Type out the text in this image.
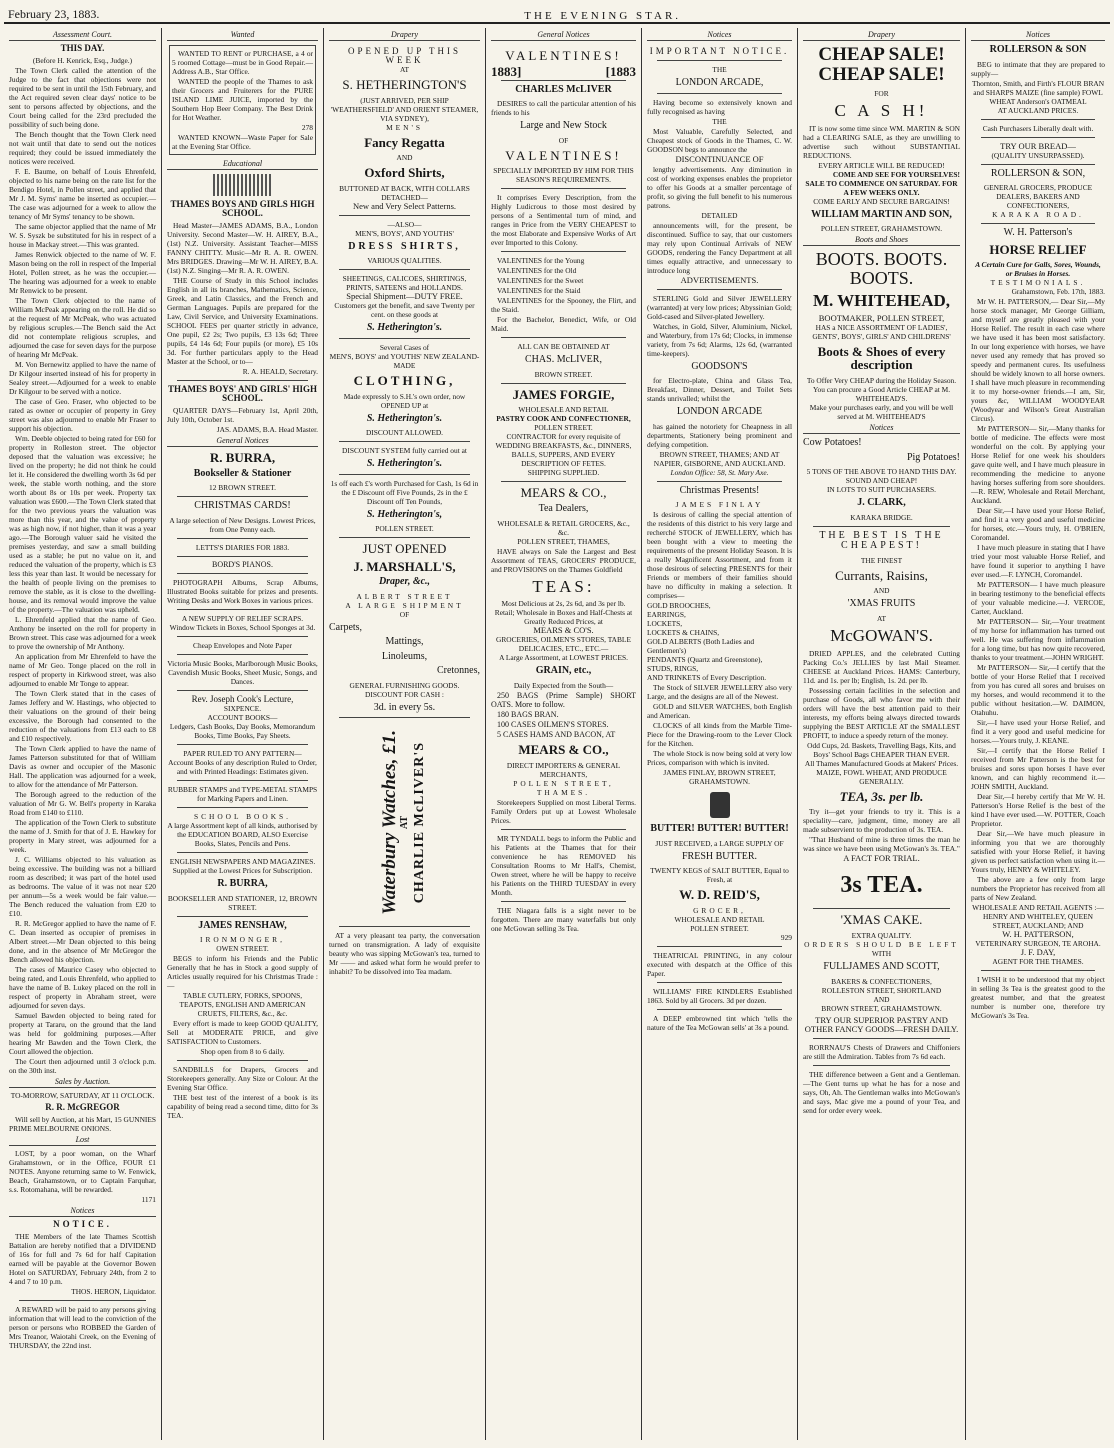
February 23, 1883.	THE EVENING STAR.
Assessment Court.
THIS DAY.
(Before H. Kenrick, Esq., Judge.)
The Town Clerk called the attention of the Judge to the fact that objections were not required to be sent in until the 15th February, and the Act required seven clear days' notice to be sent to persons affected by objections, and the Court being called for the 23rd precluded the possibility of such being done.
The Bench thought that the Town Clerk need not wait until that date to send out the notices required; they could be issued immediately the notices were received.
F. E. Baume, on behalf of Louis Ehrenfeld, objected to his name being on the rate list for the Bendigo Hotel, in Pollen street, and applied that Mr J. M. Syms' name be inserted as occupier.—The case was adjourned for a week to allow the tenancy of Mr Syms' tenancy to be shown.
The same objector applied that the name of Mr W. S. Syszk be substituted for his in respect of a house in Mackay street.—This was granted.
James Renwick objected to the name of W. F. Mason being on the roll in respect of the Imperial Hotel, Pollen street, as he was the occupier.—The hearing was adjourned for a week to enable Mr Renwick to be present.
The Town Clerk objected to the name of William McPeak appearing on the roll. He did so at the request of Mr McPeak, who was actuated by religious scruples.—The Bench said the Act did not contemplate religious scruples, and adjourned the case for seven days for the purpose of hearing Mr McPeak.
M. Von Bernewitz applied to have the name of Dr Kilgour inserted instead of his for property in Sealey street.—Adjourned for a week to enable Dr Kilgour to be served with a notice.
The case of Geo. Fraser, who objected to be rated as owner or occupier of property in Grey street was also adjourned to enable Mr Fraser to support his objection.
Wm. Deeble objected to being rated for £60 for property in Rolleston street. The objector deposed that the valuation was excessive; he lived on the property; he did not think he could let it. He considered the dwelling worth 3s 6d per week, the stable worth nothing, and the store worth about 8s or 10s per week. Property tax valuation was £600.—The Town Clerk stated that for the two previous years the valuation was more than this year, and the value of property was as high now, if not higher, than it was a year ago.—The Borough valuer said he visited the premises yesterday, and saw a small building used as a stable; he put no value on it, and reduced the valuation of the property, which is £3 less this year than last. It would be necessary for the health of people living on the premises to remove the stable, as it is close to the dwelling-house, and its removal would improve the value of the property.—The valuation was upheld.
L. Ehrenfeld applied that the name of Geo. Anthony be inserted on the roll for property in Brown street. This case was adjourned for a week to prove the ownership of Mr Anthony.
An application from Mr Ehrenfeld to have the name of Mr Geo. Tonge placed on the roll in respect of property in Kirkwood street, was also adjourned to enable Mr Tonge to appear.
The Town Clerk stated that in the cases of James Jeffery and W. Hastings, who objected to their valuations on the ground of their being excessive, the Borough had consented to the reduction of the valuations from £13 each to £8 and £10 respectively.
The Town Clerk applied to have the name of James Patterson substituted for that of William Davis as owner and occupier of the Masonic Hall. The application was adjourned for a week, to allow for the attendance of Mr Patterson.
The Borough agreed to the reduction of the valuation of Mr G. W. Bell's property in Karaka Road from £140 to £110.
The application of the Town Clerk to substitute the name of J. Smith for that of J. E. Hawkey for property in Mary street, was adjourned for a week.
J. C. Williams objected to his valuation as being excessive. The building was not a billiard room as described; it was part of the hotel used as bedrooms. The value of it was not near £20 per annum—5s a week would be fair value.—The Bench reduced the valuation from £20 to £10.
R. R. McGregor applied to have the name of F. C. Dean inserted as occupier of premises in Albert street.—Mr Dean objected to this being done, and in the absence of Mr McGregor the Bench allowed his objection.
The cases of Maurice Casey who objected to being rated, and Louis Ehrenfeld, who applied to have the name of B. Lukey placed on the roll in respect of property in Abraham street, were adjourned for seven days.
Samuel Bawden objected to being rated for property at Tararu, on the ground that the land was held for goldmining purposes.—After hearing Mr Bawden and the Town Clerk, the Court allowed the objection.
The Court then adjourned until 3 o'clock p.m. on the 30th inst.
Sales by Auction.
TO-MORROW, SATURDAY, AT 11 O'CLOCK.
R. R. McGREGOR
Will sell by Auction, at his Mart, 15 GUNNIES PRIME MELBOURNE ONIONS.
Lost
LOST, by a poor woman, on the Wharf Grahamstown, or in the Office, FOUR £1 NOTES. Anyone returning same to W. Fenwick, Beach, Grahamstown, or to Captain Farquhar, s.s. Rotomahana, will be rewarded.
1171
Notices
NOTICE.
THE Members of the late Thames Scottish Battalion are hereby notified that a DIVIDEND of 16s for full and 7s 6d for half Capitation earned will be payable at the Governor Bowen Hotel on SATURDAY, February 24th, from 2 to 4 and 7 to 10 p.m.
THOS. HERON, Liquidator.
A REWARD will be paid to any persons giving information that will lead to the conviction of the person or persons who ROBBED the Garden of Mrs Treanor, Waiotahi Creek, on the Evening of THURSDAY, the 22nd inst.
Wanted
WANTED TO RENT or PURCHASE, a 4 or 5 roomed Cottage—must be in Good Repair.—Address A.B., Star Office.
WANTED the people of the Thames to ask their Grocers and Fruiterers for the PURE ISLAND LIME JUICE, imported by the Southern Hop Beer Company. The Best Drink for Hot Weather.
278
WANTED KNOWN—Waste Paper for Sale at the Evening Star Office.
Educational
THAMES BOYS AND GIRLS HIGH SCHOOL.
Head Master—JAMES ADAMS, B.A., London University. Second Master—W. H. AIREY, B.A., (1st) N.Z. University. Assistant Teacher—MISS FANNY CHITTY. Music—Mr R. A. R. OWEN. Mrs BRIDGES. Drawing—Mr W. H. AIREY, B.A. (1st) N.Z. Singing—Mr R. A. R. OWEN.
THE Course of Study in this School includes English in all its branches, Mathematics, Science, Greek, and Latin Classics, and the French and German Languages. Pupils are prepared for the Law, Civil Service, and University Examinations. SCHOOL FEES per quarter strictly in advance, One pupil, £2 2s; Two pupils, £3 13s 6d; Three pupils, £4 14s 6d; Four pupils (or more), £5 10s 3d. For further particulars apply to the Head Master at the School, or to—
R. A. HEALD, Secretary.
THAMES BOYS' AND GIRLS' HIGH SCHOOL.
QUARTER DAYS—February 1st, April 20th, July 10th, October 1st.
JAS. ADAMS, B.A. Head Master.
General Notices
R. BURRA,
Bookseller & Stationer
12 BROWN STREET.
CHRISTMAS CARDS!
A large selection of New Designs. Lowest Prices, from One Penny each.
LETTS'S DIARIES FOR 1883.
BORD'S PIANOS.
PHOTOGRAPH Albums, Scrap Albums, Illustrated Books suitable for prizes and presents. Writing Desks and Work Boxes in various prices.
A NEW SUPPLY OF RELIEF SCRAPS.
Window Tickets in Boxes, School Sponges at 3d.
Cheap Envelopes and Note Paper
Victoria Music Books, Marlborough Music Books, Cavendish Music Books, Sheet Music, Songs, and Dances.
Rev. Joseph Cook's Lecture,
SIXPENCE.
ACCOUNT BOOKS—
Ledgers, Cash Books, Day Books, Memorandum Books, Time Books, Pay Sheets.
PAPER RULED TO ANY PATTERN—
Account Books of any description Ruled to Order, and with Printed Headings: Estimates given.
RUBBER STAMPS and TYPE-METAL STAMPS for Marking Papers and Linen.
SCHOOL BOOKS.
A large Assortment kept of all kinds, authorised by the EDUCATION BOARD, ALSO Exercise Books, Slates, Pencils and Pens.
ENGLISH NEWSPAPERS AND MAGAZINES.
Supplied at the Lowest Prices for Subscription.
R. BURRA,
BOOKSELLER AND STATIONER, 12, BROWN STREET.
JAMES RENSHAW,
IRONMONGER,
OWEN STREET.
BEGS to inform his Friends and the Public Generally that he has in Stock a good supply of Articles usually required for his Christmas Trade :—
TABLE CUTLERY, FORKS, SPOONS, TEAPOTS, ENGLISH AND AMERICAN CRUETS, FILTERS, &c., &c.
Every effort is made to keep GOOD QUALITY, Sell at MODERATE PRICE, and give SATISFACTION to Customers.
Shop open from 8 to 6 daily.
SANDBILLS for Drapers, Grocers and Storekeepers generally. Any Size or Colour. At the Evening Star Office.
THE best test of the interest of a book is its capability of being read a second time, ditto for 3s TEA.
Drapery
OPENED UP THIS WEEK
AT
S. HETHERINGTON'S
(JUST ARRIVED, PER SHIP 'WEATHERSFIELD' AND ORIENT STEAMER, VIA SYDNEY),
MEN'S
Fancy Regatta
AND
Oxford Shirts,
BUTTONED AT BACK, WITH COLLARS DETACHED—
New and Very Select Patterns.
—ALSO—
MEN'S, BOYS', AND YOUTHS'
DRESS SHIRTS,
VARIOUS QUALITIES.
SHEETINGS, CALICOES, SHIRTINGS, PRINTS, SATEENS and HOLLANDS.
Special Shipment—DUTY FREE.
Customers get the benefit, and save Twenty per cent. on these goods at
S. Hetherington's.
Several Cases of
MEN'S, BOYS' and YOUTHS' NEW ZEALAND-MADE
CLOTHING,
Made expressly to S.H.'s own order, now OPENED UP at
S. Hetherington's.
DISCOUNT ALLOWED.
DISCOUNT SYSTEM fully carried out at
S. Hetherington's.
1s off each £'s worth Purchased for Cash, 1s 6d in the £ Discount off Five Pounds, 2s in the £ Discount off Ten Pounds,
S. Hetherington's,
POLLEN STREET.
JUST OPENED
J. MARSHALL'S,
Draper, &c.,
ALBERT STREET
A LARGE SHIPMENT
OF
Carpets,
Mattings,
Linoleums,
Cretonnes,
GENERAL FURNISHING GOODS.
DISCOUNT FOR CASH :
3d. in every 5s.
Waterbury Watches, £1. AT CHARLIE McLIVER'S
AT a very pleasant tea party, the conversation turned on transmigration. A lady of exquisite beauty who was sipping McGowan's tea, turned to Mr —— and asked what form he would prefer to inhabit? To be dissolved into Tea madam.
General Notices
VALENTINES!
1883]	[1883
CHARLES McLIVER
DESIRES to call the particular attention of his friends to his
Large and New Stock
OF
VALENTINES!
SPECIALLY IMPORTED BY HIM FOR THIS SEASON'S REQUIREMENTS.
It comprises Every Description, from the Highly Ludicrous to those most desired by persons of a Sentimental turn of mind, and ranges in Price from the VERY CHEAPEST to the most Elaborate and Expensive Works of Art ever Imported to this Colony.
VALENTINES for the Young
VALENTINES for the Old
VALENTINES for the Sweet
VALENTINES for the Staid
VALENTINES for the Spooney, the Flirt, and the Staid.
For the Bachelor, Benedict, Wife, or Old Maid.
ALL CAN BE OBTAINED AT
CHAS. McLIVER,
BROWN STREET.
JAMES FORGIE,
WHOLESALE AND RETAIL
PASTRY COOK AND CONFECTIONER,
POLLEN STREET.
CONTRACTOR for every requisite of WEDDING BREAKFASTS, &c., DINNERS, BALLS, SUPPERS, AND EVERY DESCRIPTION OF FETES.
SHIPPING SUPPLIED.
MEARS & CO.,
Tea Dealers,
WHOLESALE & RETAIL GROCERS, &c., &c.
POLLEN STREET, THAMES,
HAVE always on Sale the Largest and Best Assortment of TEAS, GROCERS' PRODUCE, and PROVISIONS on the Thames Goldfield
TEAS:
Most Delicious at 2s, 2s 6d, and 3s per lb. Retail; Wholesale in Boxes and Half-Chests at Greatly Reduced Prices, at
MEARS & CO'S.
GROCERIES, OILMEN'S STORES, TABLE DELICACIES, ETC., ETC.—
A Large Assortment, at LOWEST PRICES.
GRAIN, etc.,
Daily Expected from the South—
250 BAGS (Prime Sample) SHORT OATS. More to follow.
180 BAGS BRAN.
100 CASES OILMEN'S STORES.
5 CASES HAMS AND BACON, AT
MEARS & CO.,
DIRECT IMPORTERS & GENERAL MERCHANTS,
POLLEN STREET, THAMES.
Storekeepers Supplied on most Liberal Terms. Family Orders put up at Lowest Wholesale Prices.
MR TYNDALL begs to inform the Public and his Patients at the Thames that for their convenience he has REMOVED his Consultation Rooms to Mr Hall's, Chemist, Owen street, where he will be happy to receive his Patients on the THIRD TUESDAY in every Month.
THE Niagara falls is a sight never to be forgotten. There are many waterfalls but only one McGowan selling 3s Tea.
Notices
IMPORTANT NOTICE.
THE
LONDON ARCADE,
Having become so extensively known and fully recognised as having
THE
Most Valuable, Carefully Selected, and Cheapest stock of Goods in the Thames, C. W. GOODSON begs to announce the
DISCONTINUANCE OF
lengthy advertisements. Any diminution in cost of working expenses enables the proprietor to offer his Goods at a smaller percentage of profit, so giving the full benefit to his numerous patrons.
DETAILED
announcements will, for the present, be discontinued. Suffice to say, that our customers may rely upon Continual Arrivals of NEW GOODS, rendering the Fancy Department at all times equally attractive, and unnecessary to introduce long
ADVERTISEMENTS.
STERLING Gold and Silver JEWELLERY (warranted) at very low prices; Abyssinian Gold; Gold-cased and Silver-plated Jewellery.
Watches, in Gold, Silver, Aluminium, Nickel, and Waterbury, from 17s 6d; Clocks, in immense variety, from 7s 6d; Alarms, 12s 6d, (warranted time-keepers).
GOODSON'S
for Electro-plate, China and Glass Tea, Breakfast, Dinner, Dessert, and Toilet Sets stands unrivalled; whilst the
LONDON ARCADE
has gained the notoriety for Cheapness in all departments, Stationery being prominent and defying competition.
BROWN STREET, THAMES; AND AT NAPIER, GISBORNE, AND AUCKLAND.
London Office: 58, St. Mary Axe.
Christmas Presents!
JAMES FINLAY
Is desirous of calling the special attention of the residents of this district to his very large and recherché STOCK of JEWELLERY, which has been bought with a view to meeting the requirements of the present Holiday Season. It is a really Magnificent Assortment, and from it those desirous of selecting PRESENTS for their Friends or members of their families should have no difficulty in making a selection. It comprises—
GOLD BROOCHES,
EARRINGS,
LOCKETS,
LOCKETS & CHAINS,
GOLD ALBERTS (Both Ladies and Gentlemen's)
PENDANTS (Quartz and Greenstone),
STUDS, RINGS,
AND TRINKETS of Every Description.
The Stock of SILVER JEWELLERY also very Large, and the designs are all of the Newest.
GOLD and SILVER WATCHES, both English and American.
CLOCKS of all kinds from the Marble Time-Piece for the Drawing-room to the Lever Clock for the Kitchen.
The whole Stock is now being sold at very low Prices, comparison with which is invited.
JAMES FINLAY, BROWN STREET, GRAHAMSTOWN.
BUTTER! BUTTER! BUTTER!
JUST RECEIVED, a LARGE SUPPLY OF
FRESH BUTTER.
TWENTY KEGS of SALT BUTTER, Equal to Fresh, at
W. D. REID'S,
GROCER,
WHOLESALE AND RETAIL
POLLEN STREET.
929
THEATRICAL PRINTING, in any colour executed with despatch at the Office of this Paper.
WILLIAMS' FIRE KINDLERS Established 1863. Sold by all Grocers. 3d per dozen.
A DEEP embrowned tint which 'tells the nature of the Tea McGowan sells' at 3s a pound.
Drapery
CHEAP SALE! CHEAP SALE!
FOR
C A S H!
IT is now some time since WM. MARTIN & SON had a CLEARING SALE, as they are unwilling to advertise such without SUBSTANTIAL REDUCTIONS.
EVERY ARTICLE WILL BE REDUCED!
COME AND SEE FOR YOURSELVES!
SALE TO COMMENCE ON SATURDAY. FOR A FEW WEEKS ONLY.
COME EARLY AND SECURE BARGAINS!
WILLIAM MARTIN AND SON,
POLLEN STREET, GRAHAMSTOWN.
Boots and Shoes
BOOTS. BOOTS. BOOTS.
M. WHITEHEAD,
BOOTMAKER, POLLEN STREET,
HAS a NICE ASSORTMENT OF LADIES', GENTS', BOYS', GIRLS' AND CHILDRENS'
Boots & Shoes of every description
To Offer Very CHEAP during the Holiday Season.
You can procure a Good Article CHEAP at M. WHITEHEAD'S.
Make your purchases early, and you will be well served at M. WHITEHEAD'S
Notices
Cow Potatoes!
Pig Potatoes!
5 TONS OF THE ABOVE TO HAND THIS DAY.
SOUND AND CHEAP!
IN LOTS TO SUIT PURCHASERS.
J. CLARK,
KARAKA BRIDGE.
THE BEST IS THE CHEAPEST!
THE FINEST
Currants, Raisins,
AND
'XMAS FRUITS
AT
McGOWAN'S.
DRIED APPLES, and the celebrated Cutting Packing Co.'s JELLIES by last Mail Steamer. CHEESE at Auckland Prices. HAMS: Canterbury, 11d. and 1s. per lb; English, 1s. 2d. per lb.
Possessing certain facilities in the selection and purchase of Goods, all who favor me with their orders will have the best attention paid to their interests, my efforts being always directed towards supplying the BEST ARTICLE AT the SMALLEST PROFIT, to induce a speedy return of the money.
Odd Cups, 2d. Baskets, Travelling Bags, Kits, and Boys' School Bags CHEAPER THAN EVER.
All Thames Manufactured Goods at Makers' Prices.
MAIZE, FOWL WHEAT, AND PRODUCE GENERALLY.
TEA, 3s. per lb.
Try it—get your friends to try it. This is a speciality—care, judgment, time, money are all made subservient to the production of 3s. TEA.
"That Husband of mine is three times the man he was since we have been using McGowan's 3s. TEA."
A FACT FOR TRIAL.
3s TEA.
'XMAS CAKE.
EXTRA QUALITY.
ORDERS SHOULD BE LEFT
WITH
FULLJAMES AND SCOTT,
BAKERS & CONFECTIONERS,
ROLLESTON STREET, SHORTLAND
AND
BROWN STREET, GRAHAMSTOWN.
TRY OUR SUPERIOR PASTRY AND OTHER FANCY GOODS—FRESH DAILY.
RORRNAU'S Chests of Drawers and Chiffoniers are still the Admiration. Tables from 7s 6d each.
THE difference between a Gent and a Gentleman.—The Gent turns up what he has for a nose and says, Oh, Ah. The Gentleman walks into McGowan's and says, Mac give me a pound of your Tea, and send for order every week.
Notices
ROLLERSON & SON
BEG to intimate that they are prepared to supply—
Thornton, Smith, and Firth's FLOUR BRAN and SHARPS MAIZE (fine sample) FOWL WHEAT Anderson's OATMEAL
AT AUCKLAND PRICES.
Cash Purchasers Liberally dealt with.
TRY OUR BREAD—
(QUALITY UNSURPASSED).
ROLLERSON & SON,
GENERAL GROCERS, PRODUCE DEALERS, BAKERS AND CONFECTIONERS,
KARAKA ROAD.
W. H. Patterson's
HORSE RELIEF
A Certain Cure for Galls, Sores, Wounds, or Bruises in Horses.
TESTIMONIALS.
Grahamstown, Feb. 17th, 1883.
Mr W. H. PATTERSON,— Dear Sir,—My horse stock manager, Mr George Gilliam, and myself are greatly pleased with your Horse Relief. The result in each case where we have used it has been most satisfactory. In our long experience with horses, we have never used any remedy that has proved so speedy and permanent cures. Its usefulness should be widely known to all horse owners. I shall have much pleasure in recommending it to my horse-owner friends.—I am, Sir, yours &c, WILLIAM WOODYEAR (Woodyear and Wilson's Great Australian Circus).
Mr PATTERSON— Sir,—Many thanks for bottle of medicine. The effects were most wonderful on the colt. By applying your Horse Relief for one week his shoulders gave quite well, and I have much pleasure in recommending the medicine to anyone having horses suffering from sore shoulders.—R. REW, Wholesale and Retail Merchant, Auckland.
Dear Sir,—I have used your Horse Relief, and find it a very good and useful medicine for horses, etc.—Yours truly, H. O'BRIEN, Coromandel.
I have much pleasure in stating that I have tried your most valuable Horse Relief, and have found it superior to anything I have ever used.—F. LYNCH, Coromandel.
Mr PATTERSON— I have much pleasure in bearing testimony to the beneficial effects of your valuable medicine.—J. VERCOE, Carter, Auckland.
Mr PATTERSON— Sir,—Your treatment of my horse for inflammation has turned out well. He was suffering from inflammation for a long time, but has now quite recovered, thanks to your treatment.—JOHN WRIGHT.
Mr PATTERSON— Sir,—I certify that the bottle of your Horse Relief that I received from you has cured all sores and bruises on my horses, and would recommend it to the public without hesitation.—W. DAIMON, Otahuhu.
Sir,—I have used your Horse Relief, and find it a very good and useful medicine for horses.—Yours truly, J. KEANE.
Sir,—I certify that the Horse Relief I received from Mr Patterson is the best for bruises and sores upon horses I have ever known, and can highly recommend it.—JOHN SMITH, Auckland.
Dear Sir,—I hereby certify that Mr W. H. Patterson's Horse Relief is the best of the kind I have ever used.—W. POTTER, Coach Proprietor.
Dear Sir,—We have much pleasure in informing you that we are thoroughly satisfied with your Horse Relief, it having given us perfect satisfaction when using it.—Yours truly, HENRY & WHITELEY.
The above are a few only from large numbers the Proprietor has received from all parts of New Zealand.
WHOLESALE AND RETAIL AGENTS :— HENRY AND WHITELEY, QUEEN STREET, AUCKLAND; AND
W. H. PATTERSON,
VETERINARY SURGEON, TE AROHA.
J. F. DAY,
AGENT FOR THE THAMES.
I WISH it to be understood that my object in selling 3s Tea is the greatest good to the greatest number, and that the greatest number is number one, therefore try McGowan's 3s Tea.
